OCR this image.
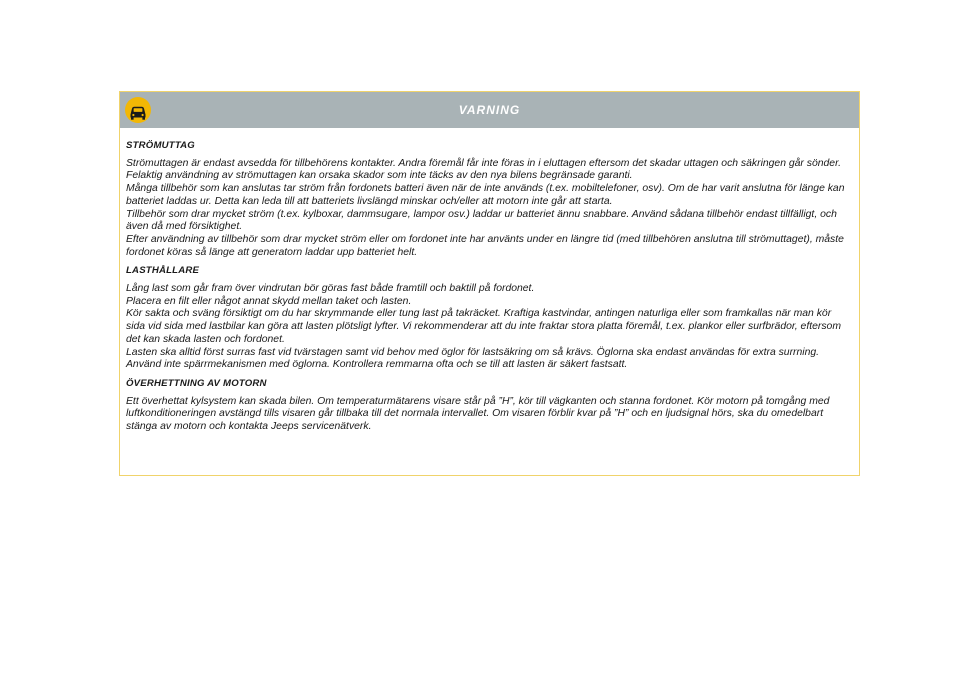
VARNING
STRÖMUTTAG

Strömuttagen är endast avsedda för tillbehörens kontakter. Andra föremål får inte föras in i eluttagen eftersom det skadar uttagen och säkringen går sönder. Felaktig användning av strömuttagen kan orsaka skador som inte täcks av den nya bilens begränsade garanti.

Många tillbehör som kan anslutas tar ström från fordonets batteri även när de inte används (t.ex. mobiltelefoner, osv). Om de har varit anslutna för länge kan batteriet laddas ur. Detta kan leda till att batteriets livslängd minskar och/eller att motorn inte går att starta.

Tillbehör som drar mycket ström (t.ex. kylboxar, dammsugare, lampor osv.) laddar ur batteriet ännu snabbare. Använd sådana tillbehör endast tillfälligt, och även då med försiktighet.

Efter användning av tillbehör som drar mycket ström eller om fordonet inte har använts under en längre tid (med tillbehören anslutna till strömuttaget), måste fordonet köras så länge att generatorn laddar upp batteriet helt.

LASTHÅLLARE

Lång last som går fram över vindrutan bör göras fast både framtill och baktill på fordonet.

Placera en filt eller något annat skydd mellan taket och lasten.

Kör sakta och sväng försiktigt om du har skrymmande eller tung last på takräcket. Kraftiga kastvindar, antingen naturliga eller som framkallas när man kör sida vid sida med lastbilar kan göra att lasten plötsligt lyfter. Vi rekommenderar att du inte fraktar stora platta föremål, t.ex. plankor eller surfbrädor, eftersom det kan skada lasten och fordonet.

Lasten ska alltid först surras fast vid tvärstagen samt vid behov med öglor för lastsäkring om så krävs. Öglorna ska endast användas för extra surrning. Använd inte spärrmekanismen med öglorna. Kontrollera remmarna ofta och se till att lasten är säkert fastsatt.

ÖVERHETTNING AV MOTORN

Ett överhettat kylsystem kan skada bilen. Om temperaturmätarens visare står på ”H”, kör till vägkanten och stanna fordonet. Kör motorn på tomgång med luftkonditioneringen avstängd tills visaren går tillbaka till det normala intervallet. Om visaren förblir kvar på ”H” och en ljudsignal hörs, ska du omedelbart stänga av motorn och kontakta Jeeps servicenätverk.
